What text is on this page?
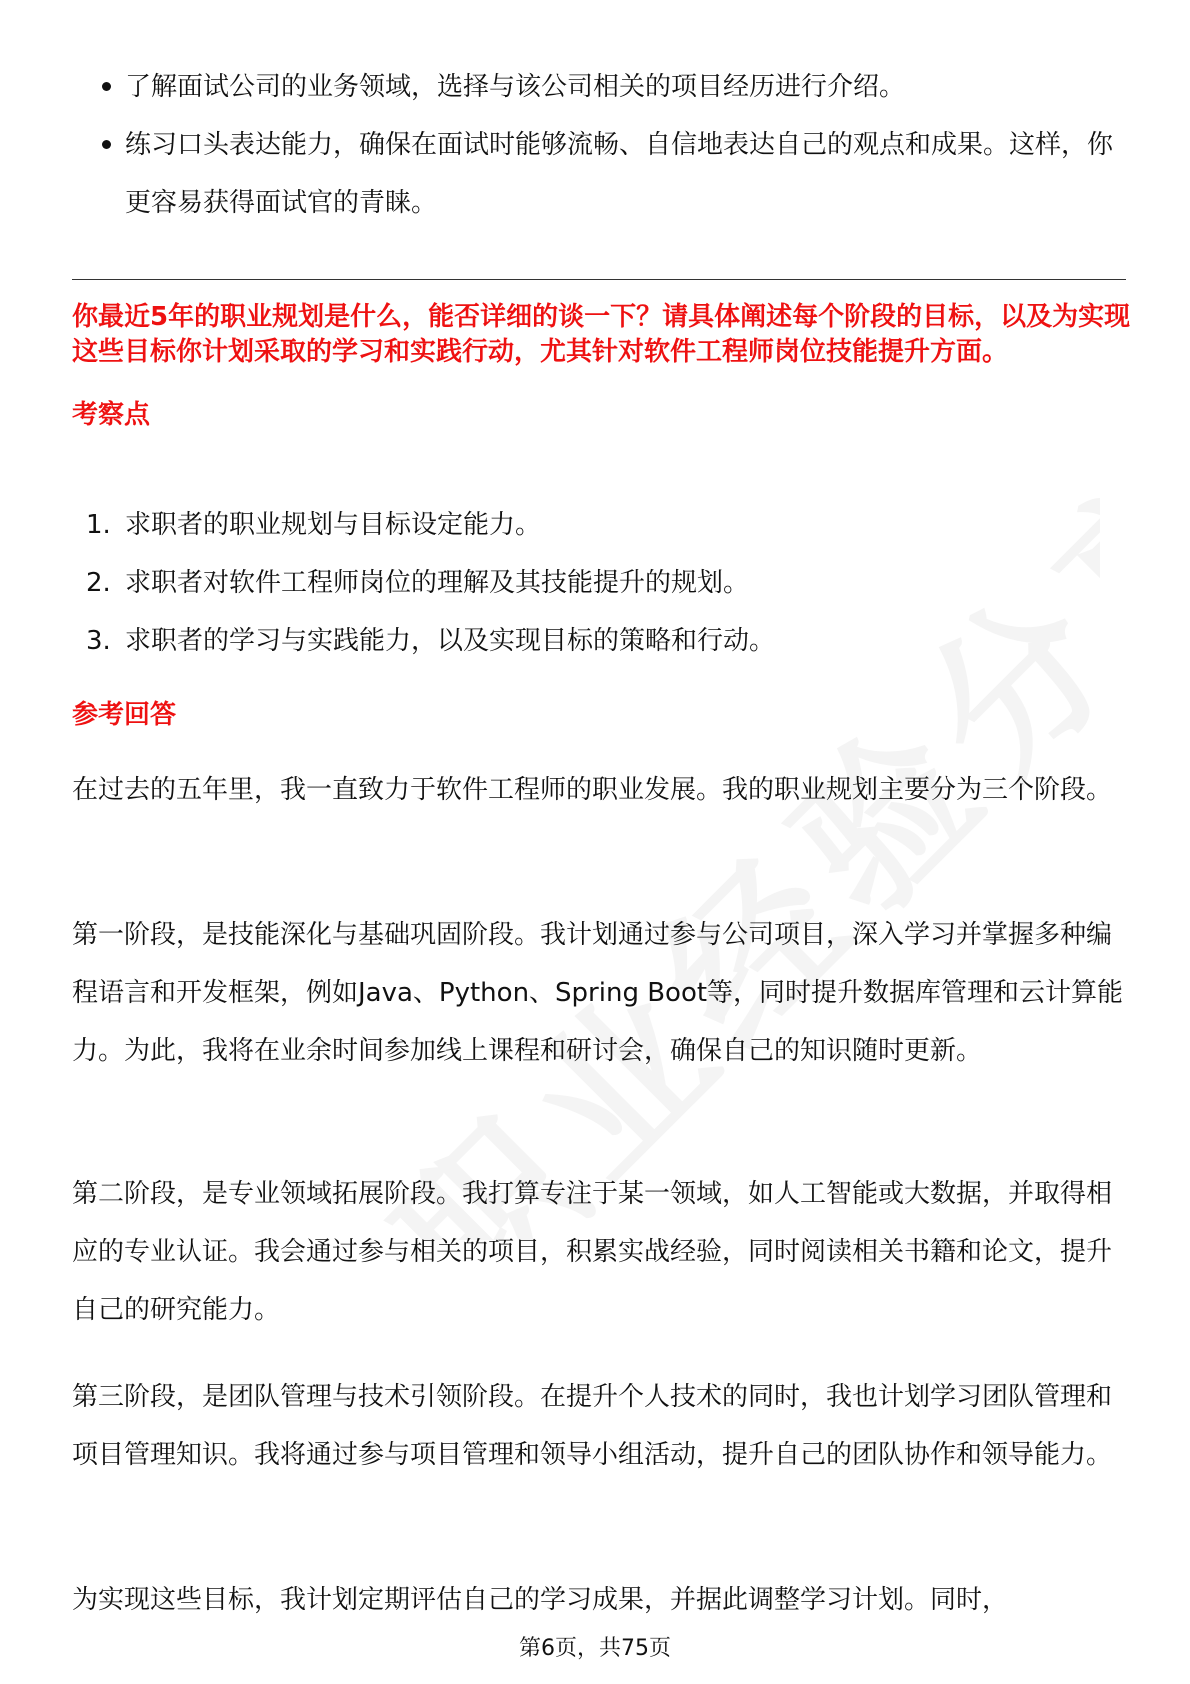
了解面试公司的业务领域，选择与该公司相关的项目经历进行介绍。
练习口头表达能力，确保在面试时能够流畅、自信地表达自己的观点和成果。这样，你更容易获得面试官的青睐。

你最近5年的职业规划是什么，能否详细的谈一下？请具体阐述每个阶段的目标，以及为实现这些目标你计划采取的学习和实践行动，尤其针对软件工程师岗位技能提升方面。

考察点
1. 求职者的职业规划与目标设定能力。
2. 求职者对软件工程师岗位的理解及其技能提升的规划。
3. 求职者的学习与实践能力，以及实现目标的策略和行动。
参考回答

在过去的五年里，我一直致力于软件工程师的职业发展。我的职业规划主要分为三个阶段。

第一阶段，是技能深化与基础巩固阶段。我计划通过参与公司项目，深入学习并掌握多种编程语言和开发框架，例如Java、Python、Spring Boot等，同时提升数据库管理和云计算能力。为此，我将在业余时间参加线上课程和研讨会，确保自己的知识随时更新。

第二阶段，是专业领域拓展阶段。我打算专注于某一领域，如人工智能或大数据，并取得相应的专业认证。我会通过参与相关的项目，积累实战经验，同时阅读相关书籍和论文，提升自己的研究能力。

第三阶段，是团队管理与技术引领阶段。在提升个人技术的同时，我也计划学习团队管理和项目管理知识。我将通过参与项目管理和领导小组活动，提升自己的团队协作和领导能力。

为实现这些目标，我计划定期评估自己的学习成果，并据此调整学习计划。同时，

第6页，共75页
